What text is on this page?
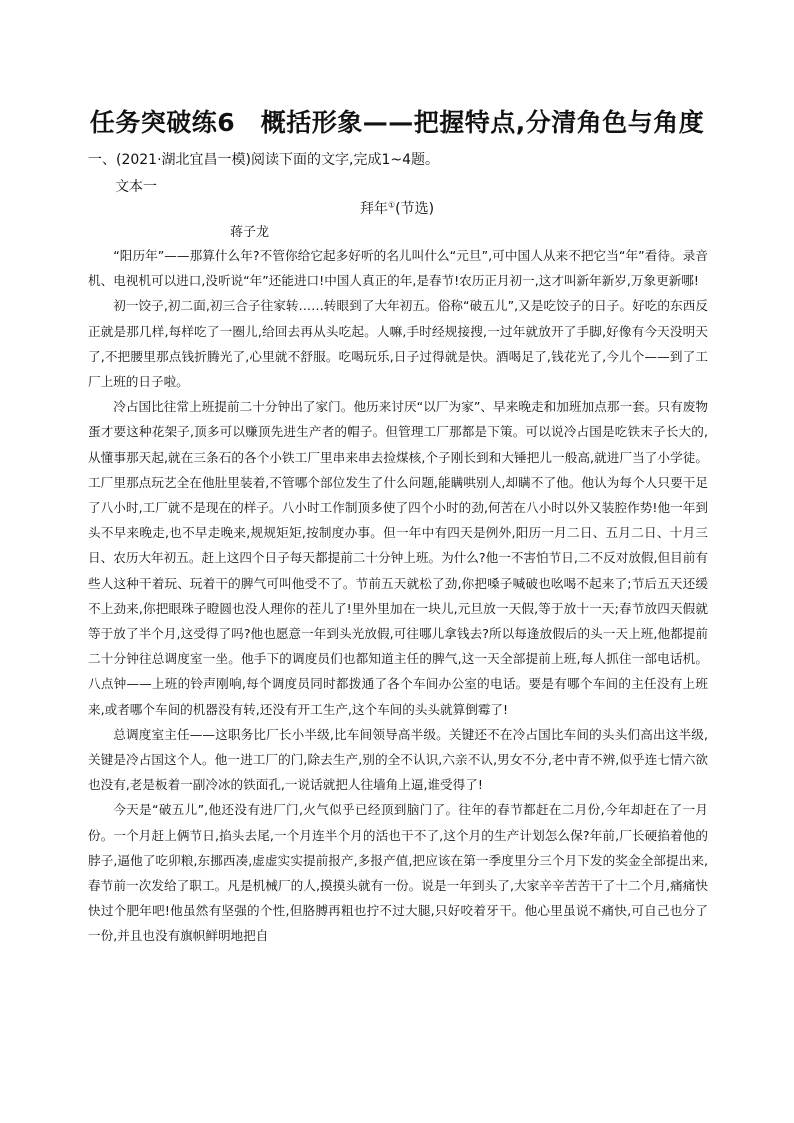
任务突破练6　概括形象——把握特点,分清角色与角度

一、(2021·湖北宜昌一模)阅读下面的文字,完成1~4题。

文本一

拜年①(节选)

蒋子龙

“阳历年”——那算什么年?不管你给它起多好听的名儿叫什么“元旦”,可中国人从来不把它当“年”看待。录音机、电视机可以进口,没听说“年”还能进口!中国人真正的年,是春节!农历正月初一,这才叫新年新岁,万象更新哪!

初一饺子,初二面,初三合子往家转……转眼到了大年初五。俗称“破五儿”,又是吃饺子的日子。好吃的东西反正就是那几样,每样吃了一圈儿,给回去再从头吃起。人嘛,手时经规接搜,一过年就放开了手脚,好像有今天没明天了,不把腰里那点钱折腾光了,心里就不舒服。吃喝玩乐,日子过得就是快。酒喝足了,钱花光了,今儿个——到了工厂上班的日子啦。

冷占国比往常上班提前二十分钟出了家门。他历来讨厌“以厂为家”、早来晚走和加班加点那一套。只有废物蛋才要这种花架子,顶多可以赚顶先进生产者的帽子。但管理工厂那都是下策。可以说冷占国是吃铁末子长大的,从懂事那天起,就在三条石的各个小铁工厂里串来串去捡煤核,个子刚长到和大锤把儿一般高,就进厂当了小学徒。工厂里那点玩艺全在他肚里装着,不管哪个部位发生了什么问题,能瞒哄别人,却瞒不了他。他认为每个人只要干足了八小时,工厂就不是现在的样子。八小时工作制顶多使了四个小时的劲,何苦在八小时以外又装腔作势!他一年到头不早来晚走,也不早走晚来,规规矩矩,按制度办事。但一年中有四天是例外,阳历一月二日、五月二日、十月三日、农历大年初五。赶上这四个日子每天都提前二十分钟上班。为什么?他一不害怕节日,二不反对放假,但目前有些人这种干着玩、玩着干的脾气可叫他受不了。节前五天就松了劲,你把嗓子喊破也吆喝不起来了;节后五天还缓不上劲来,你把眼珠子瞪圆也没人理你的茬儿了!里外里加在一块儿,元旦放一天假,等于放十一天;春节放四天假就等于放了半个月,这受得了吗?他也愿意一年到头光放假,可往哪儿拿钱去?所以每逢放假后的头一天上班,他都提前二十分钟往总调度室一坐。他手下的调度员们也都知道主任的脾气,这一天全部提前上班,每人抓住一部电话机。八点钟——上班的铃声刚响,每个调度员同时都拨通了各个车间办公室的电话。要是有哪个车间的主任没有上班来,或者哪个车间的机器没有转,还没有开工生产,这个车间的头头就算倒霉了!

总调度室主任——这职务比厂长小半级,比车间领导高半级。关键还不在冷占国比车间的头头们高出这半级,关键是冷占国这个人。他一进工厂的门,除去生产,别的全不认识,六亲不认,男女不分,老中青不辨,似乎连七情六欲也没有,老是板着一副冷冰的铁面孔,一说话就把人往墙角上逼,谁受得了!

今天是“破五儿”,他还没有进厂门,火气似乎已经顶到脑门了。往年的春节都赶在二月份,今年却赶在了一月份。一个月赶上俩节日,掐头去尾,一个月连半个月的活也干不了,这个月的生产计划怎么保?年前,厂长硬掐着他的脖子,逼他了吃卯粮,东挪西凑,虚虚实实提前报产,多报产值,把应该在第一季度里分三个月下发的奖金全部提出来,春节前一次发给了职工。凡是机械厂的人,摸摸头就有一份。说是一年到头了,大家辛辛苦苦干了十二个月,痛痛快快过个肥年吧!他虽然有坚强的个性,但胳膊再粗也拧不过大腿,只好咬着牙干。他心里虽说不痛快,可自己也分了一份,并且也没有旗帜鲜明地把自
